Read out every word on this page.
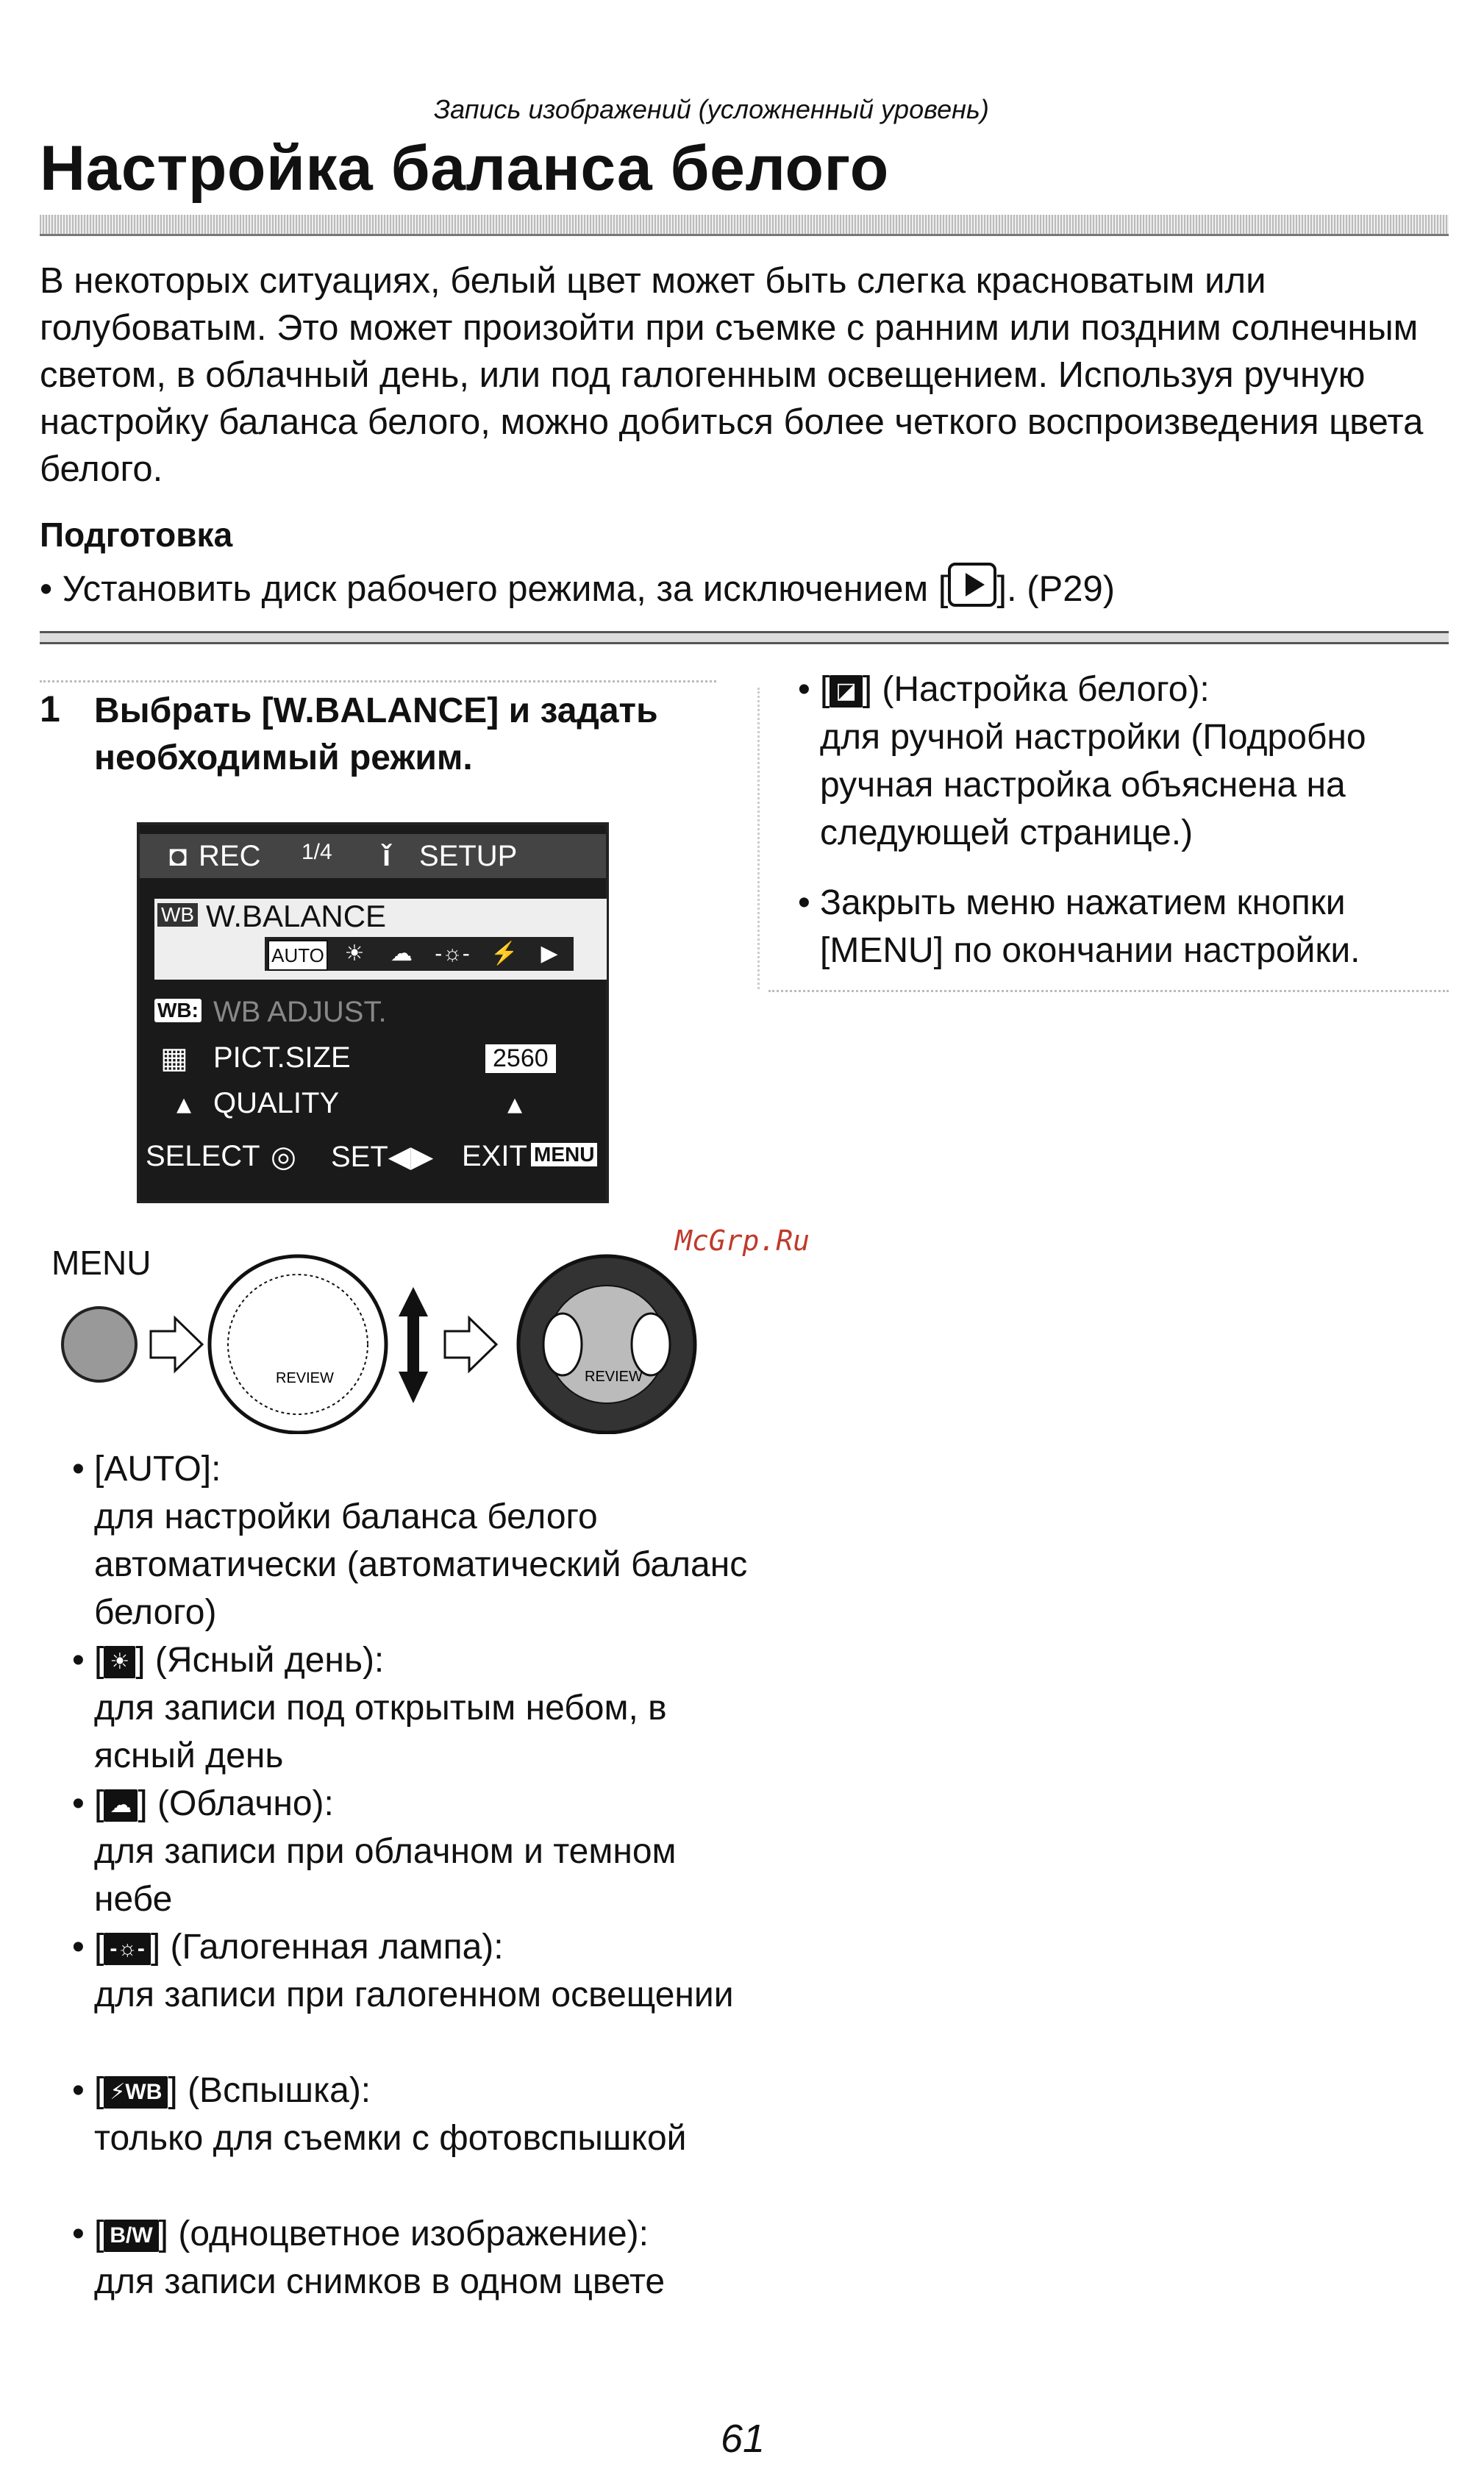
Запись изображений (усложненный уровень)
Настройка баланса белого
В некоторых ситуациях, белый цвет может быть слегка красноватым или голубоватым. Это может произойти при съемке с ранним или поздним солнечным светом, в облачный день, или под галогенным освещением. Используя ручную настройку баланса белого, можно добиться более четкого воспроизведения цвета белого.
Подготовка
• Установить диск рабочего режима, за исключением [ ]. (P29)
1 Выбрать [W.BALANCE] и задать необходимый режим.
◘ REC 1/4 ǐ SETUP
WB W.BALANCE
AUTO ☀	☁	-☼- ⚡	▶
WB: WB ADJUST.
▦ PICT.SIZE	2560
▴ QUALITY	▴
SELECT ◎ SET◀▶ EXIT MENU
MENU
McGrp.Ru
REVIEW	REVIEW
• [AUTO]:
для настройки баланса белого автоматически (автоматический баланс белого)
• [ ☀ ] (Ясный день):
для записи под открытым небом, в ясный день
• [ ☁ ] (Облачно):
для записи при облачном и темном небе
• [ -☼- ] (Галогенная лампа):
для записи при галогенном освещении
• [ ⚡WB ] (Вспышка):
только для съемки с фотовспышкой
• [ B/W ] (одноцветное изображение):
для записи снимков в одном цвете
• [ ◪ ] (Настройка белого):
для ручной настройки (Подробно ручная настройка объяснена на следующей странице.)
• Закрыть меню нажатием кнопки [MENU] по окончании настройки.
61
